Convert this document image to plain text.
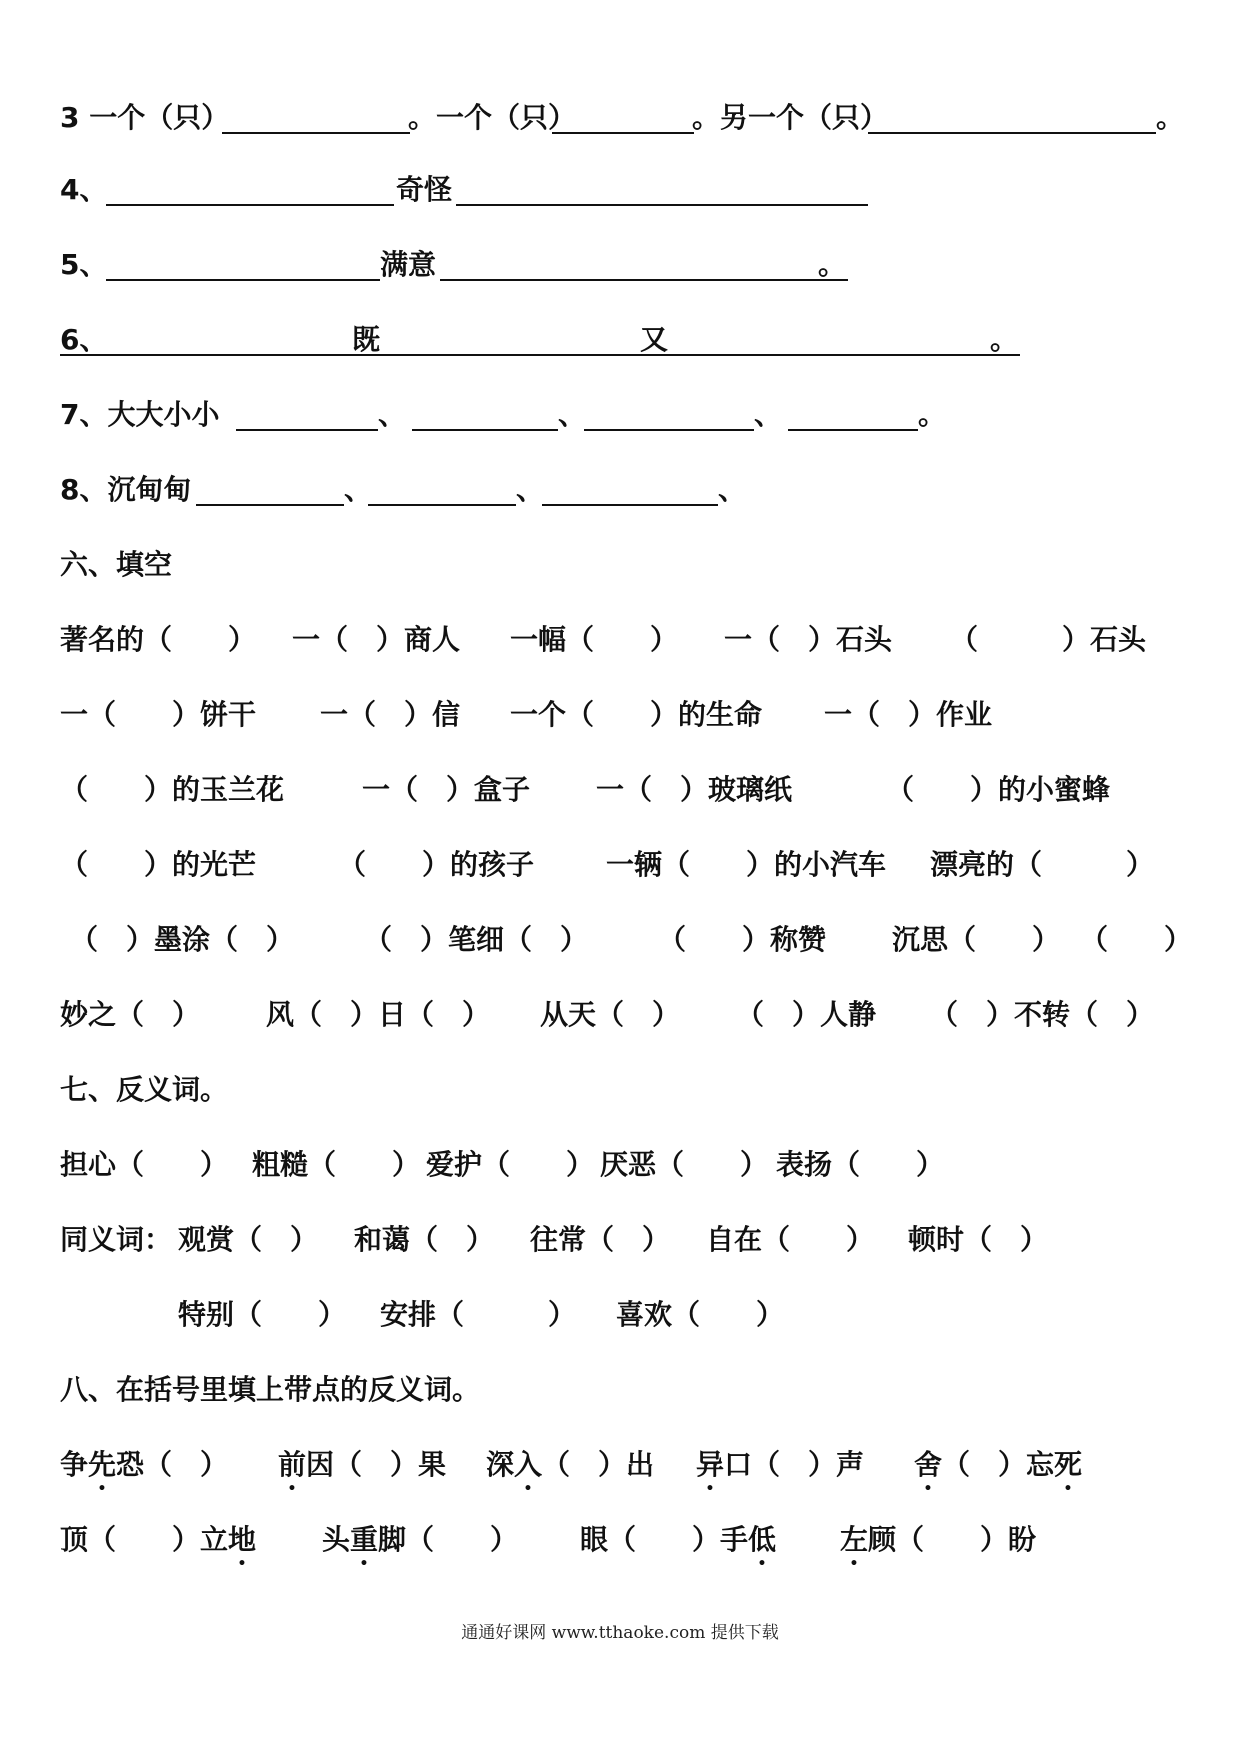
3 一个（只）	。一个（只）	。另一个（只）	。
4、	奇怪
5、	满意	。
6、	既	又	。
7、大大小小	、	、	、	。
8、沉甸甸	、	、	、
六、填空
著名的（　　） 一（　）商人 一幅（　　） 一（　）石头 （　　　）石头
一（　　）饼干 一（　）信 一个（　　）的生命 一（　）作业
（　　）的玉兰花	一（　）盒子 一（　）玻璃纸	（　　）的小蜜蜂
（　　）的光芒	（　　）的孩子	一辆（　　）的小汽车 漂亮的（　　　）
（　）墨涂（　） （　）笔细（　） （　　）称赞 沉思（　　） （　　）
妙之（　） 风（　）日（　） 从天（　） （　）人静 （　）不转（　）
七、反义词。
担心（　　） 粗糙（　　） 爱护（　　） 厌恶（　　） 表扬（　　）
同义词： 观赏（　） 和蔼（　） 往常（　） 自在（　　） 顿时（　）
特别（　　） 安排（　　　） 喜欢（　　）
八、在括号里填上带点的反义词。
争先恐（　） 前因（　）果 深入（　）出 异口（　）声 舍（　）忘死
顶（　　）立地 头重脚（　　） 眼（　　）手低 左顾（　　）盼
通通好课网 www.tthaoke.com 提供下载
